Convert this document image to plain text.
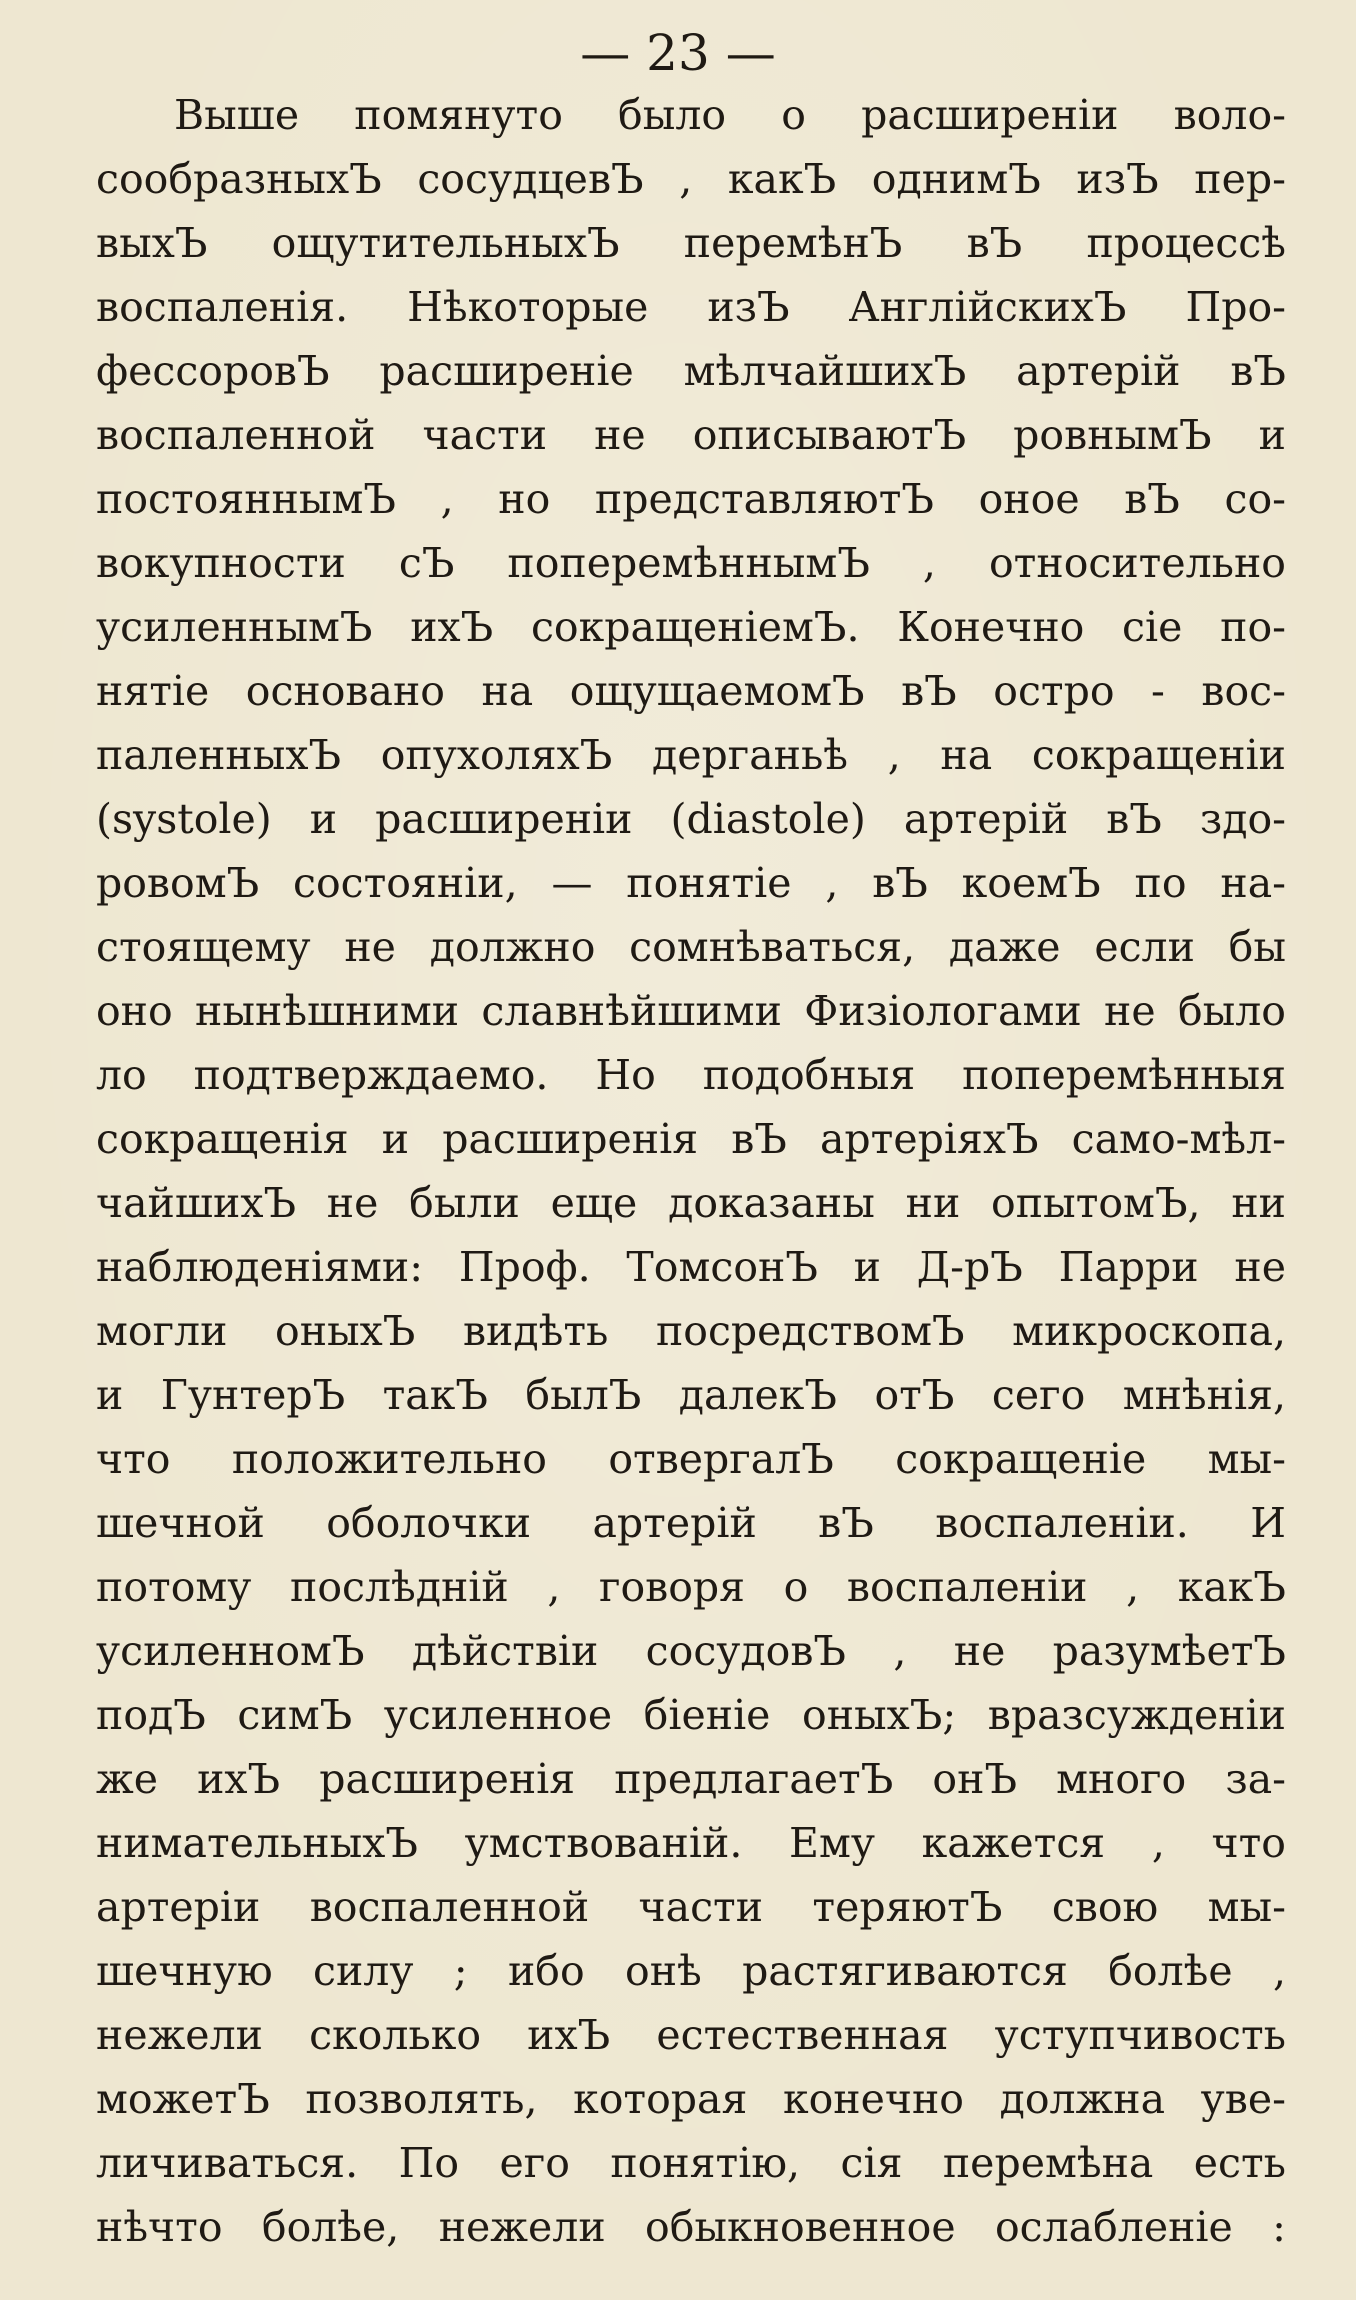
— 23 —
Выше помянуто было о расширеніи воло-
сообразныхЪ сосудцевЪ , какЪ однимЪ изЪ пер-
выхЪ ощутительныхЪ перемѣнЪ вЪ процессѣ
воспаленія. Нѣкоторые изЪ АнглійскихЪ Про-
фессоровЪ расширеніе мѣлчайшихЪ артерій вЪ
воспаленной части не описываютЪ ровнымЪ и
постояннымЪ , но представляютЪ оное вЪ со-
вокупности сЪ поперемѣннымЪ , относительно
усиленнымЪ ихЪ сокращеніемЪ. Конечно сіе по-
нятіе основано на ощущаемомЪ вЪ остро - вос-
паленныхЪ опухоляхЪ дерганьѣ , на сокращеніи
(systole) и расширеніи (diastole) артерій вЪ здо-
ровомЪ состояніи, — понятіе , вЪ коемЪ по на-
стоящему не должно сомнѣваться, даже если бы
оно нынѣшними славнѣйшими Физіологами не было
ло подтверждаемо. Но подобныя поперемѣнныя
сокращенія и расширенія вЪ артеріяхЪ само-мѣл-
чайшихЪ не были еще доказаны ни опытомЪ, ни
наблюденіями: Проф. ТомсонЪ и Д-рЪ Парри не
могли оныхЪ видѣть посредствомЪ микроскопа,
и ГунтерЪ такЪ былЪ далекЪ отЪ сего мнѣнія,
что положительно отвергалЪ сокращеніе мы-
шечной оболочки артерій вЪ воспаленіи. И
потому послѣдній , говоря о воспаленіи , какЪ
усиленномЪ дѣйствіи сосудовЪ , не разумѣетЪ
подЪ симЪ усиленное біеніе оныхЪ; вразсужденіи
же ихЪ расширенія предлагаетЪ онЪ много за-
нимательныхЪ умствованій. Ему кажется , что
артеріи воспаленной части теряютЪ свою мы-
шечную силу ; ибо онѣ растягиваются болѣе ,
нежели сколько ихЪ естественная уступчивость
можетЪ позволять, которая конечно должна уве-
личиваться. По его понятію, сія перемѣна есть
нѣчто болѣе, нежели обыкновенное ослабленіе :
